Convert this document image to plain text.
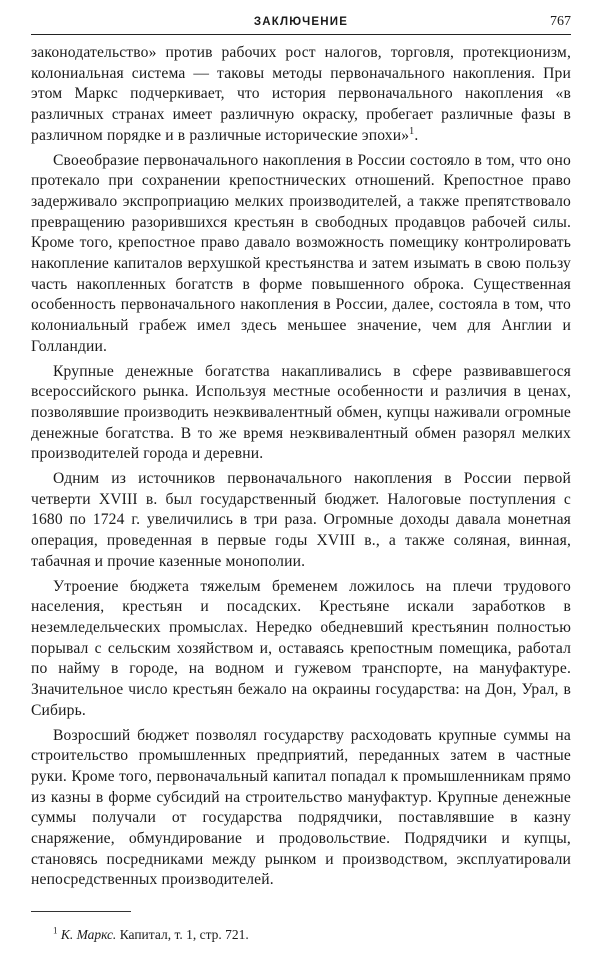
ЗАКЛЮЧЕНИЕ	767

законодательство» против рабочих рост налогов, торговля, протекционизм, колониальная система — таковы методы первоначального накопления. При этом Маркс подчеркивает, что история первоначального накопления «в различных странах имеет различную окраску, пробегает различные фазы в различном порядке и в различные исторические эпохи»$^1$.

Своеобразие первоначального накопления в России состояло в том, что оно протекало при сохранении крепостнических отношений. Крепостное право задерживало экспроприацию мелких производителей, а также препятствовало превращению разорившихся крестьян в свободных продавцов рабочей силы. Кроме того, крепостное право давало возможность помещику контролировать накопление капиталов верхушкой крестьянства и затем изымать в свою пользу часть накопленных богатств в форме повышенного оброка. Существенная особенность первоначального накопления в России, далее, состояла в том, что колониальный грабеж имел здесь меньшее значение, чем для Англии и Голландии.

Крупные денежные богатства накапливались в сфере развивавшегося всероссийского рынка. Используя местные особенности и различия в ценах, позволявшие производить неэквивалентный обмен, купцы наживали огромные денежные богатства. В то же время неэквивалентный обмен разорял мелких производителей города и деревни.

Одним из источников первоначального накопления в России первой четверти XVIII в. был государственный бюджет. Налоговые поступления с 1680 по 1724 г. увеличились в три раза. Огромные доходы давала монетная операция, проведенная в первые годы XVIII в., а также соляная, винная, табачная и прочие казенные монополии.

Утроение бюджета тяжелым бременем ложилось на плечи трудового населения, крестьян и посадских. Крестьяне искали заработков в неземледельческих промыслах. Нередко обедневший крестьянин полностью порывал с сельским хозяйством и, оставаясь крепостным помещика, работал по найму в городе, на водном и гужевом транспорте, на мануфактуре. Значительное число крестьян бежало на окраины государства: на Дон, Урал, в Сибирь.

Возросший бюджет позволял государству расходовать крупные суммы на строительство промышленных предприятий, переданных затем в частные руки. Кроме того, первоначальный капитал попадал к промышленникам прямо из казны в форме субсидий на строительство мануфактур. Крупные денежные суммы получали от государства подрядчики, поставлявшие в казну снаряжение, обмундирование и продовольствие. Подрядчики и купцы, становясь посредниками между рынком и производством, эксплуатировали непосредственных производителей.

$^1$ К. Маркс. Капитал, т. 1, стр. 721.
